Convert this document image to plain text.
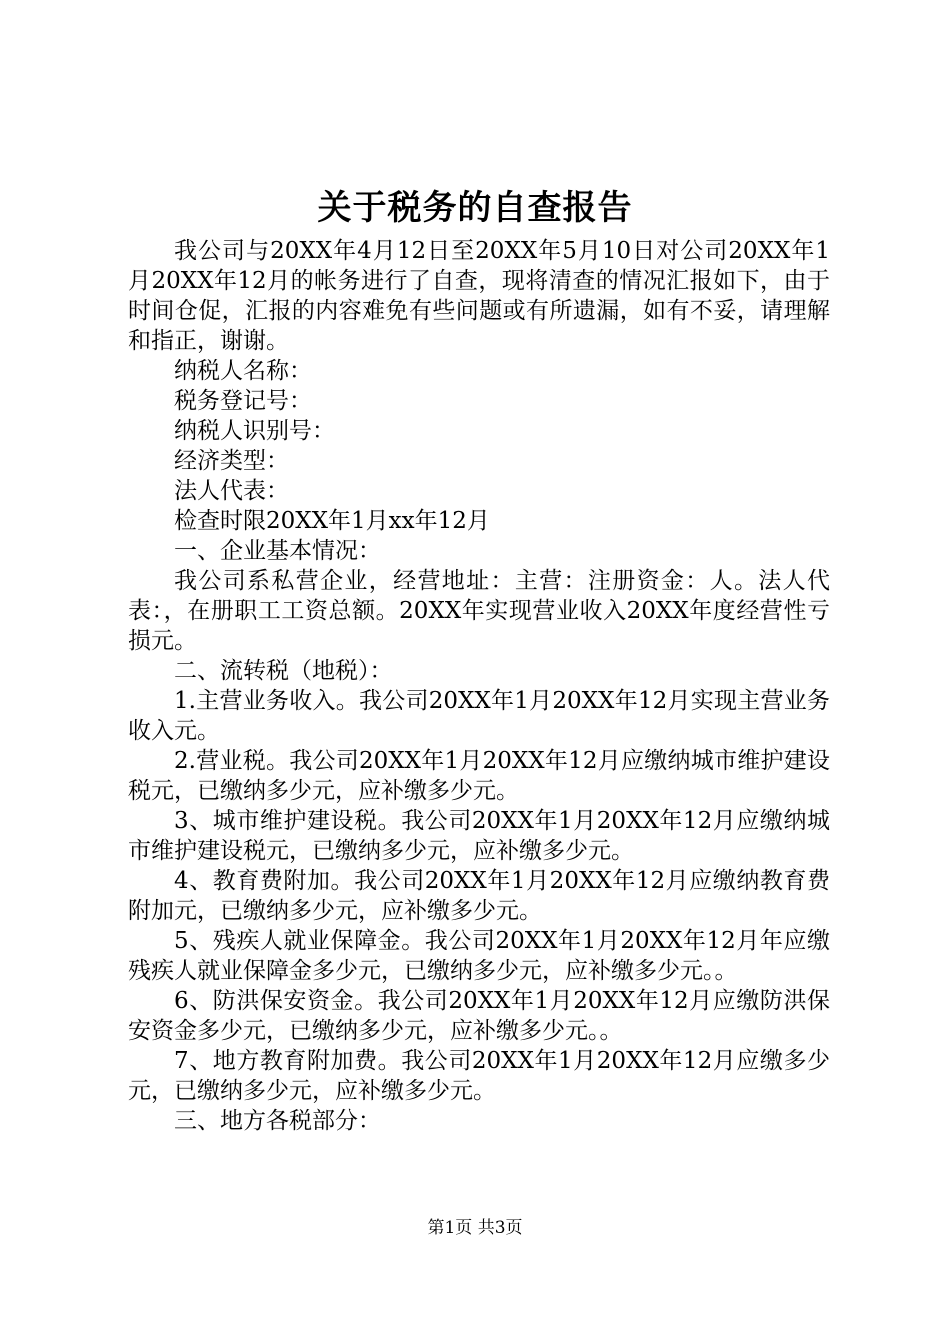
关于税务的自查报告

我公司与20XX年4月12日至20XX年5月10日对公司20XX年1月20XX年12月的帐务进行了自查，现将清查的情况汇报如下，由于时间仓促，汇报的内容难免有些问题或有所遗漏，如有不妥，请理解和指正，谢谢。

纳税人名称：

税务登记号：

纳税人识别号：

经济类型：

法人代表：

检查时限20XX年1月xx年12月

一、企业基本情况：

我公司系私营企业，经营地址：主营：注册资金：人。法人代表：，在册职工工资总额。20XX年实现营业收入20XX年度经营性亏损元。

二、流转税（地税）：

1.主营业务收入。我公司20XX年1月20XX年12月实现主营业务收入元。

2.营业税。我公司20XX年1月20XX年12月应缴纳城市维护建设税元，已缴纳多少元，应补缴多少元。

3、城市维护建设税。我公司20XX年1月20XX年12月应缴纳城市维护建设税元，已缴纳多少元，应补缴多少元。

4、教育费附加。我公司20XX年1月20XX年12月应缴纳教育费附加元，已缴纳多少元，应补缴多少元。

5、残疾人就业保障金。我公司20XX年1月20XX年12月年应缴残疾人就业保障金多少元，已缴纳多少元，应补缴多少元。。

6、防洪保安资金。我公司20XX年1月20XX年12月应缴防洪保安资金多少元，已缴纳多少元，应补缴多少元。。

7、地方教育附加费。我公司20XX年1月20XX年12月应缴多少元，已缴纳多少元，应补缴多少元。

三、地方各税部分：

第1页 共3页
